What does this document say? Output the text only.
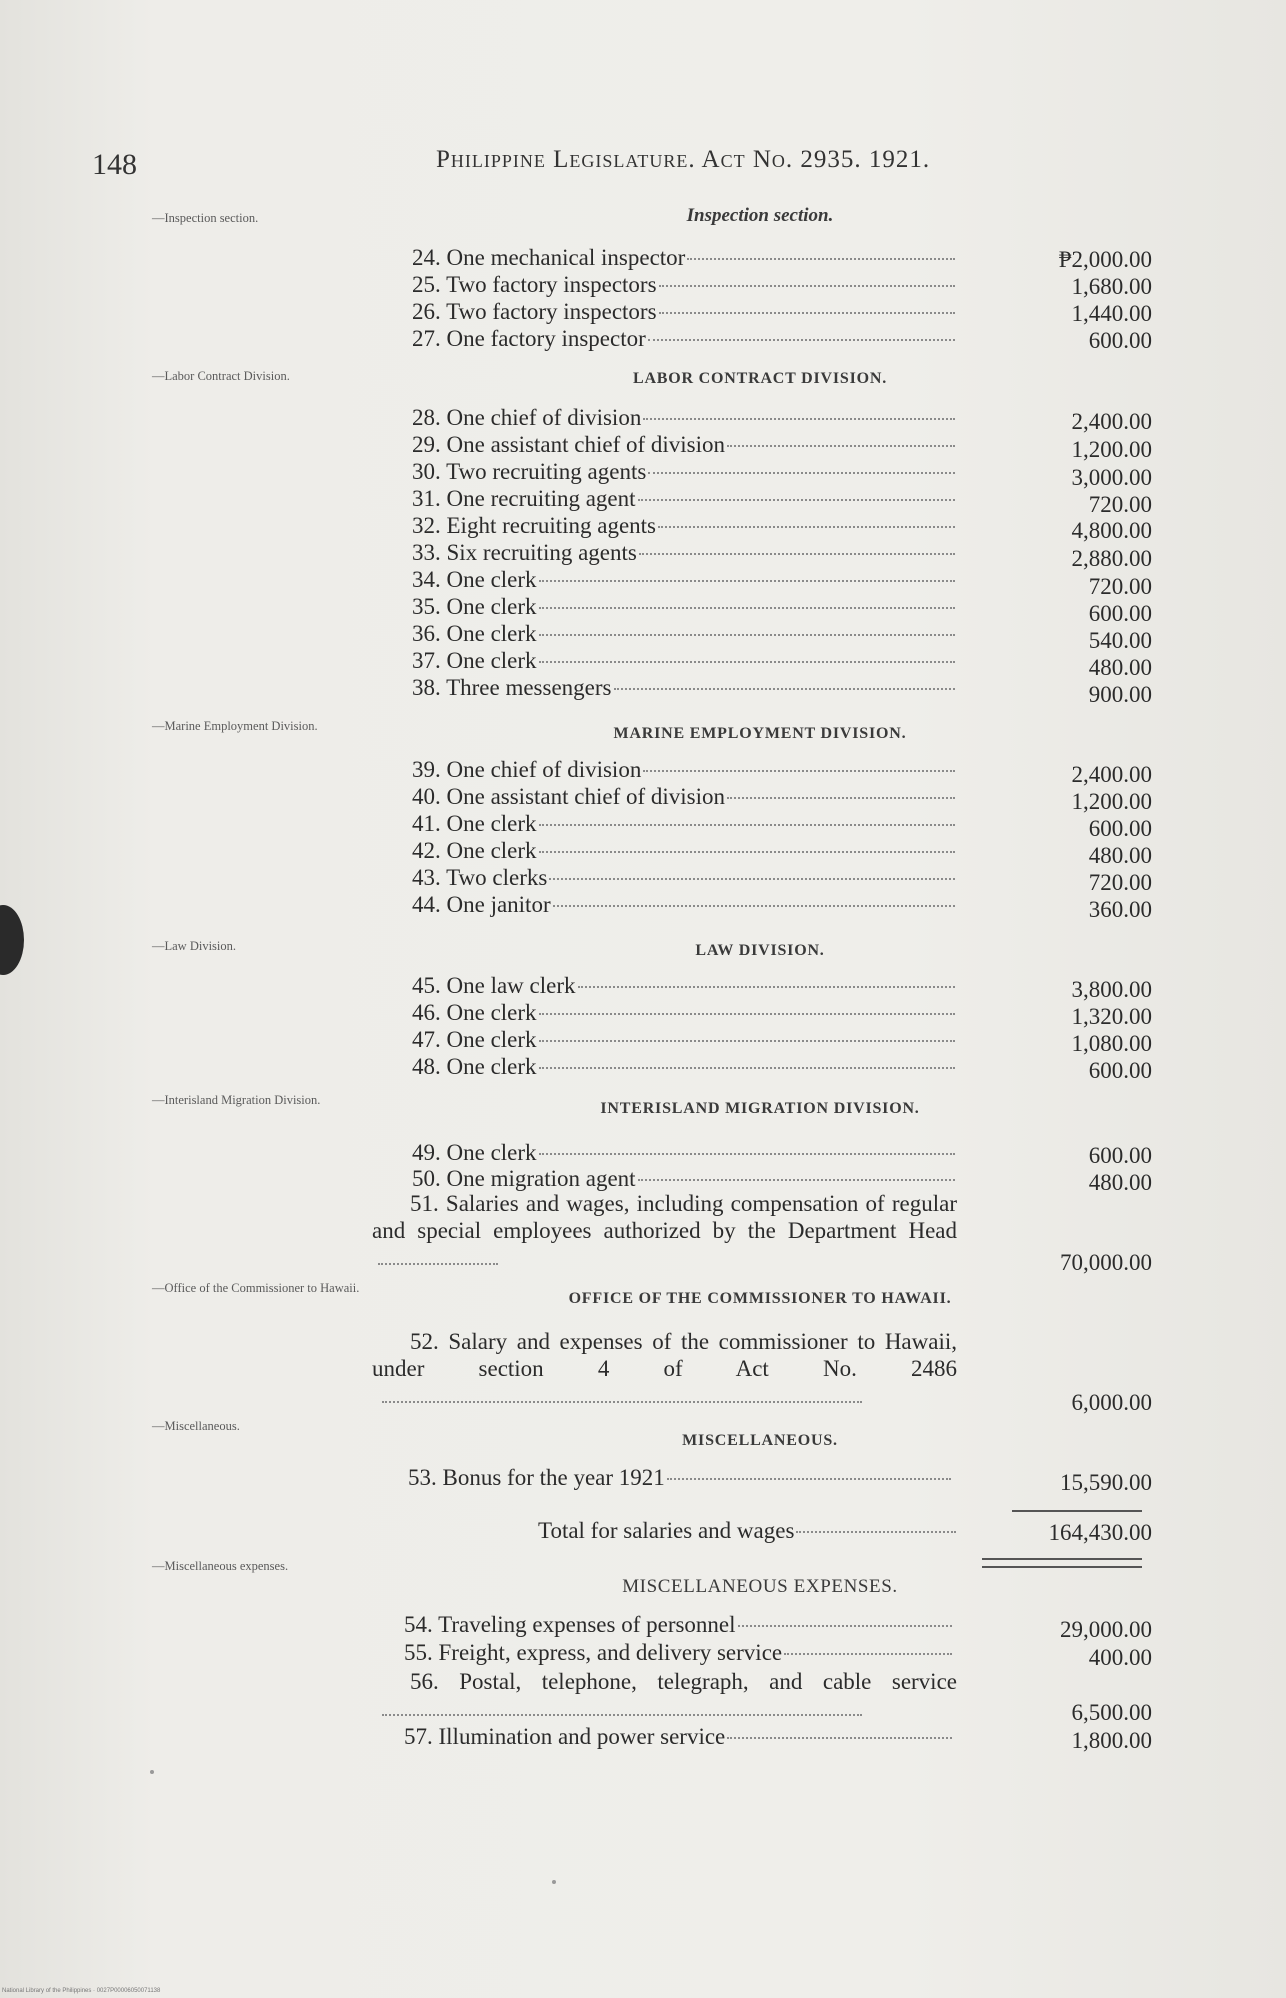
148	Philippine Legislature. Act No. 2935. 1921.
—Inspection section.	Inspection section.
24. One mechanical inspector	₱2,000.00
25. Two factory inspectors	1,680.00
26. Two factory inspectors	1,440.00
27. One factory inspector	600.00
—Labor Contract Division.	LABOR CONTRACT DIVISION.
28. One chief of division	2,400.00
29. One assistant chief of division	1,200.00
30. Two recruiting agents	3,000.00
31. One recruiting agent	720.00
32. Eight recruiting agents	4,800.00
33. Six recruiting agents	2,880.00
34. One clerk	720.00
35. One clerk	600.00
36. One clerk	540.00
37. One clerk	480.00
38. Three messengers	900.00
—Marine Employment Division.	MARINE EMPLOYMENT DIVISION.
39. One chief of division	2,400.00
40. One assistant chief of division	1,200.00
41. One clerk	600.00
42. One clerk	480.00
43. Two clerks	720.00
44. One janitor	360.00
—Law Division.	LAW DIVISION.
45. One law clerk	3,800.00
46. One clerk	1,320.00
47. One clerk	1,080.00
48. One clerk	600.00
—Interisland Migration Division.	INTERISLAND MIGRATION DIVISION.
49. One clerk	600.00
50. One migration agent	480.00
51. Salaries and wages, including compensation of regular and special employees authorized by the Department Head
70,000.00
—Office of the Commissioner to Hawaii.
OFFICE OF THE COMMISSIONER TO HAWAII.
52. Salary and expenses of the commissioner to Hawaii, under section 4 of Act No. 2486
6,000.00
—Miscellaneous.
MISCELLANEOUS.
53. Bonus for the year 1921	15,590.00
Total for salaries and wages	164,430.00
—Miscellaneous expenses.
MISCELLANEOUS EXPENSES.
54. Traveling expenses of personnel	29,000.00
55. Freight, express, and delivery service	400.00
56. Postal, telephone, telegraph, and cable service
6,500.00
57. Illumination and power service	1,800.00
National Library of the Philippines · 0027P00006050071138
